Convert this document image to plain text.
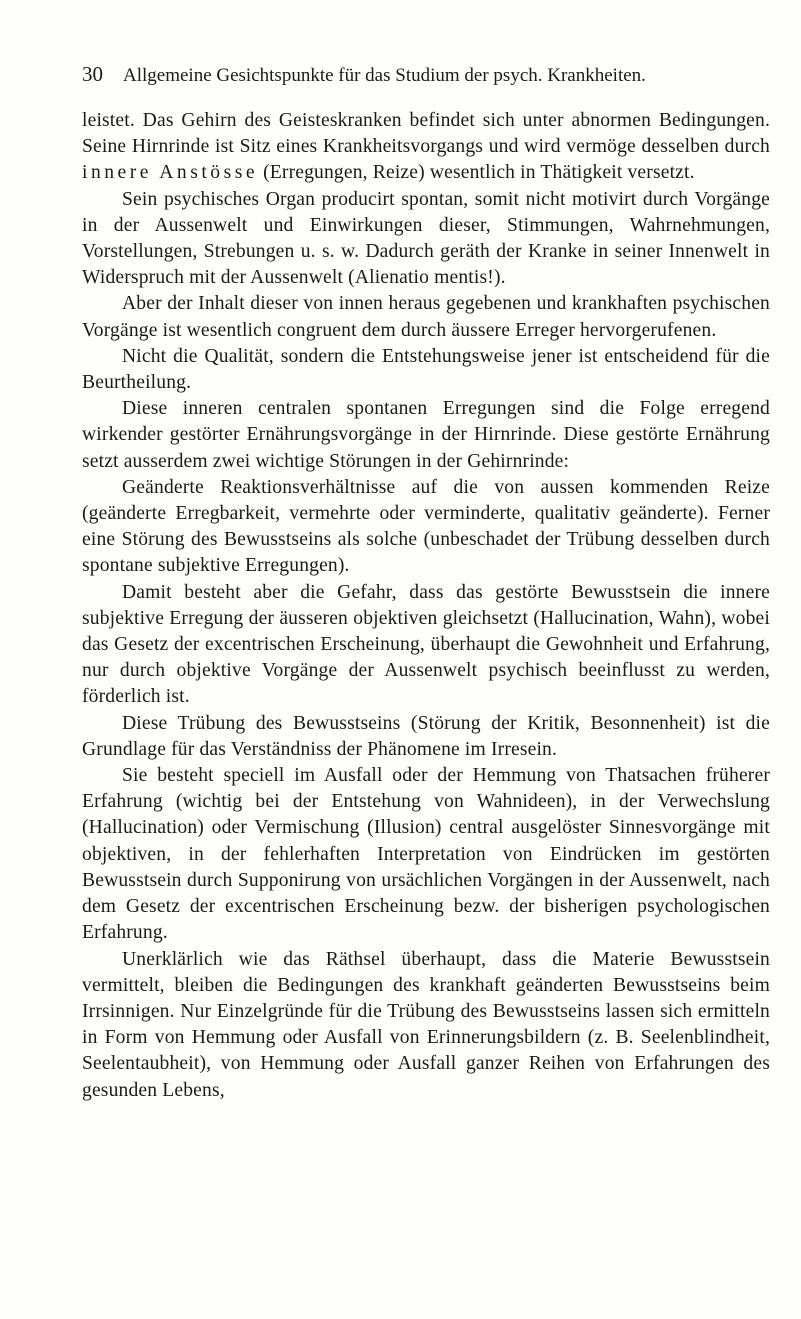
30 Allgemeine Gesichtspunkte für das Studium der psych. Krankheiten.

leistet. Das Gehirn des Geisteskranken befindet sich unter abnormen Bedingungen. Seine Hirnrinde ist Sitz eines Krankheitsvorgangs und wird vermöge desselben durch innere Anstösse (Erregungen, Reize) wesentlich in Thätigkeit versetzt.

Sein psychisches Organ producirt spontan, somit nicht motivirt durch Vorgänge in der Aussenwelt und Einwirkungen dieser, Stimmungen, Wahrnehmungen, Vorstellungen, Strebungen u. s. w. Dadurch geräth der Kranke in seiner Innenwelt in Widerspruch mit der Aussenwelt (Alienatio mentis!).

Aber der Inhalt dieser von innen heraus gegebenen und krankhaften psychischen Vorgänge ist wesentlich congruent dem durch äussere Erreger hervorgerufenen.

Nicht die Qualität, sondern die Entstehungsweise jener ist entscheidend für die Beurtheilung.

Diese inneren centralen spontanen Erregungen sind die Folge erregend wirkender gestörter Ernährungsvorgänge in der Hirnrinde. Diese gestörte Ernährung setzt ausserdem zwei wichtige Störungen in der Gehirnrinde:

Geänderte Reaktionsverhältnisse auf die von aussen kommenden Reize (geänderte Erregbarkeit, vermehrte oder verminderte, qualitativ geänderte). Ferner eine Störung des Bewusstseins als solche (unbeschadet der Trübung desselben durch spontane subjektive Erregungen).

Damit besteht aber die Gefahr, dass das gestörte Bewusstsein die innere subjektive Erregung der äusseren objektiven gleichsetzt (Hallucination, Wahn), wobei das Gesetz der excentrischen Erscheinung, überhaupt die Gewohnheit und Erfahrung, nur durch objektive Vorgänge der Aussenwelt psychisch beeinflusst zu werden, förderlich ist.

Diese Trübung des Bewusstseins (Störung der Kritik, Besonnenheit) ist die Grundlage für das Verständniss der Phänomene im Irresein.

Sie besteht speciell im Ausfall oder der Hemmung von Thatsachen früherer Erfahrung (wichtig bei der Entstehung von Wahnideen), in der Verwechslung (Hallucination) oder Vermischung (Illusion) central ausgelöster Sinnesvorgänge mit objektiven, in der fehlerhaften Interpretation von Eindrücken im gestörten Bewusstsein durch Supponirung von ursächlichen Vorgängen in der Aussenwelt, nach dem Gesetz der excentrischen Erscheinung bezw. der bisherigen psychologischen Erfahrung.

Unerklärlich wie das Räthsel überhaupt, dass die Materie Bewusstsein vermittelt, bleiben die Bedingungen des krankhaft geänderten Bewusstseins beim Irrsinnigen. Nur Einzelgründe für die Trübung des Bewusstseins lassen sich ermitteln in Form von Hemmung oder Ausfall von Erinnerungsbildern (z. B. Seelenblindheit, Seelentaubheit), von Hemmung oder Ausfall ganzer Reihen von Erfahrungen des gesunden Lebens,
